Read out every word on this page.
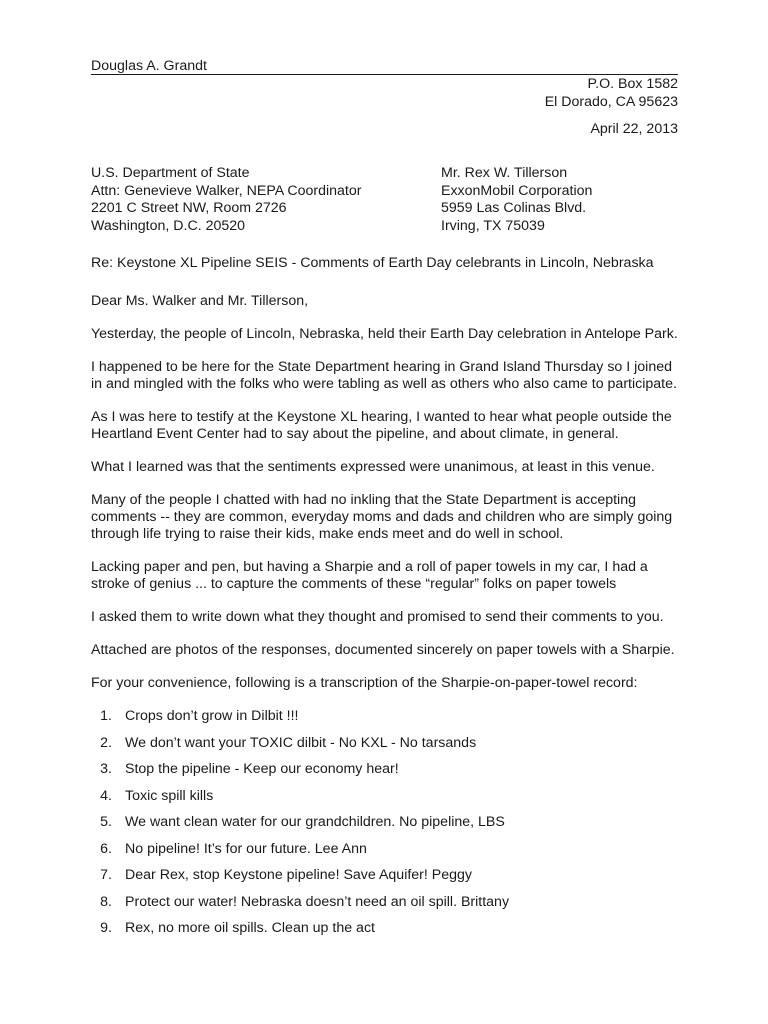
Douglas A. Grandt
P.O. Box 1582
El Dorado, CA 95623
April 22, 2013
U.S. Department of State
Attn: Genevieve Walker, NEPA Coordinator
2201 C Street NW, Room 2726
Washington, D.C. 20520
Mr. Rex W. Tillerson
ExxonMobil Corporation
5959 Las Colinas Blvd.
Irving, TX 75039

Re: Keystone XL Pipeline SEIS - Comments of Earth Day celebrants in Lincoln, Nebraska

Dear Ms. Walker and Mr. Tillerson,

Yesterday, the people of Lincoln, Nebraska, held their Earth Day celebration in Antelope Park.

I happened to be here for the State Department hearing in Grand Island Thursday so I joined in and mingled with the folks who were tabling as well as others who also came to participate.

As I was here to testify at the Keystone XL hearing, I wanted to hear what people outside the Heartland Event Center had to say about the pipeline, and about climate, in general.

What I learned was that the sentiments expressed were unanimous, at least in this venue.

Many of the people I chatted with had no inkling that the State Department is accepting comments -- they are common, everyday moms and dads and children who are simply going through life trying to raise their kids, make ends meet and do well in school.

Lacking paper and pen, but having a Sharpie and a roll of paper towels in my car, I had a stroke of genius ... to capture the comments of these “regular” folks on paper towels

I asked them to write down what they thought and promised to send their comments to you.

Attached are photos of the responses, documented sincerely on paper towels with a Sharpie.

For your convenience, following is a transcription of the Sharpie-on-paper-towel record:

1. Crops don’t grow in Dilbit !!!
2. We don’t want your TOXIC dilbit - No KXL - No tarsands
3. Stop the pipeline - Keep our economy hear!
4. Toxic spill kills
5. We want clean water for our grandchildren. No pipeline, LBS
6. No pipeline! It’s for our future. Lee Ann
7. Dear Rex, stop Keystone pipeline! Save Aquifer! Peggy
8. Protect our water! Nebraska doesn’t need an oil spill. Brittany
9. Rex, no more oil spills. Clean up the act
